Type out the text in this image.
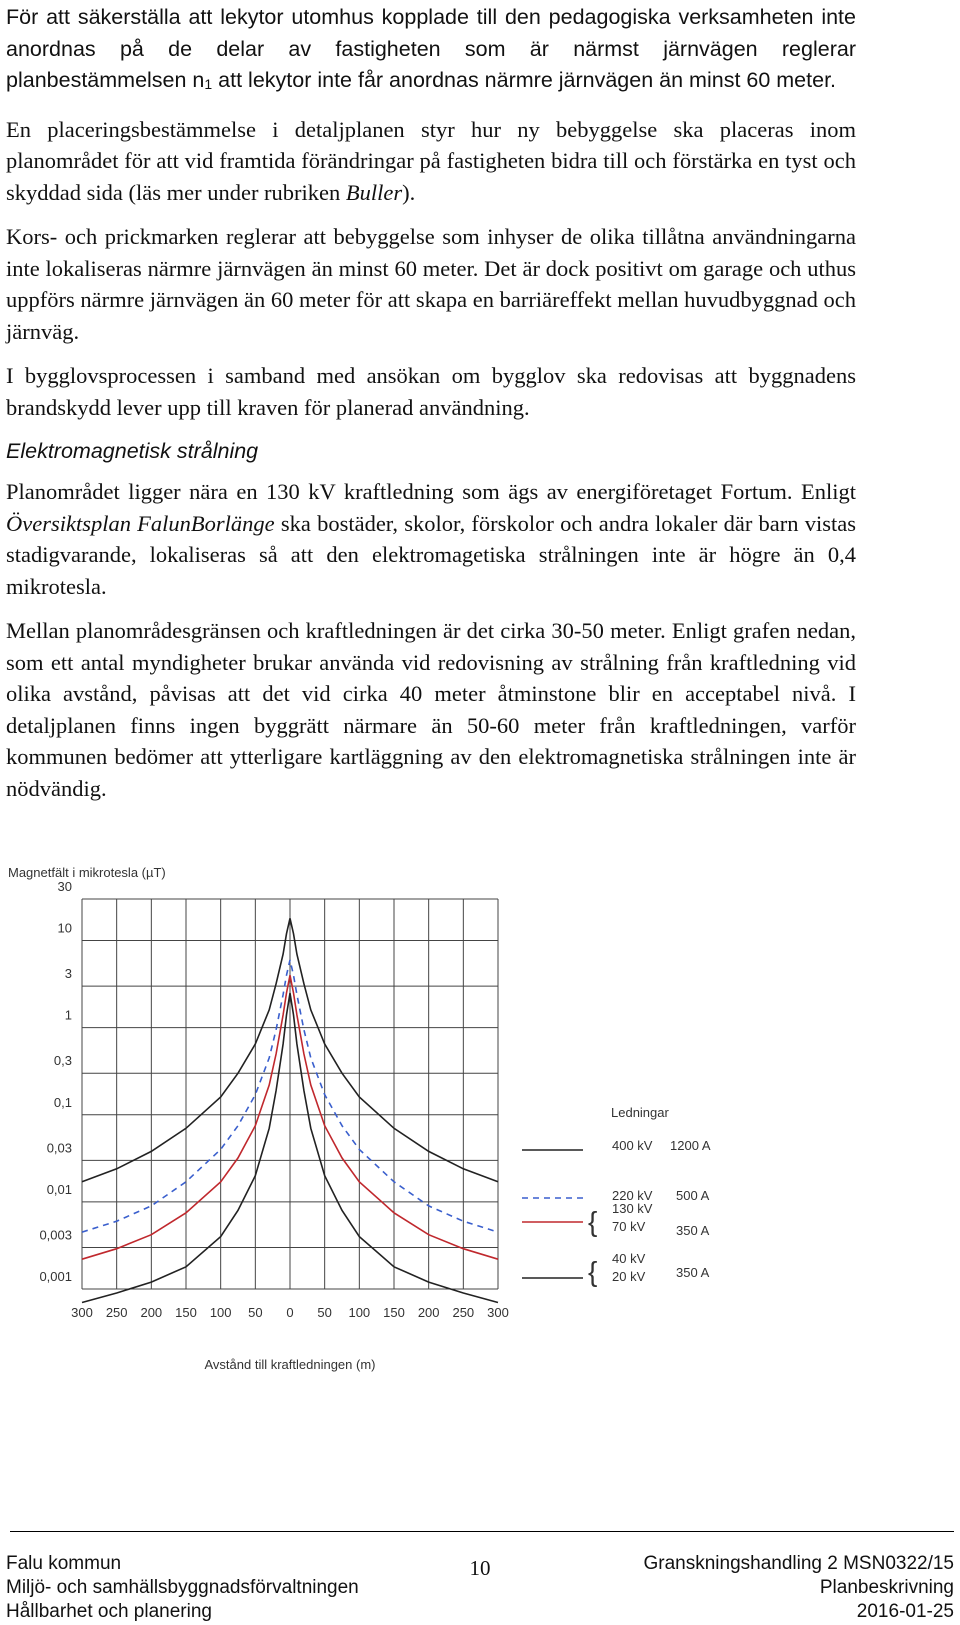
För att säkerställa att lekytor utomhus kopplade till den pedagogiska verksamheten inte anordnas på de delar av fastigheten som är närmst järnvägen reglerar planbestämmelsen $n_1$ att lekytor inte får anordnas närmre järnvägen än minst 60 meter.

En placeringsbestämmelse i detaljplanen styr hur ny bebyggelse ska placeras inom planområdet för att vid framtida förändringar på fastigheten bidra till och förstärka en tyst och skyddad sida (läs mer under rubriken Buller).

Kors- och prickmarken reglerar att bebyggelse som inhyser de olika tillåtna användningarna inte lokaliseras närmre järnvägen än minst 60 meter. Det är dock positivt om garage och uthus uppförs närmre järnvägen än 60 meter för att skapa en barriäreffekt mellan huvudbyggnad och järnväg.

I bygglovsprocessen i samband med ansökan om bygglov ska redovisas att byggnadens brandskydd lever upp till kraven för planerad användning.

Elektromagnetisk strålning

Planområdet ligger nära en 130 kV kraftledning som ägs av energiföretaget Fortum. Enligt Översiktsplan FalunBorlänge ska bostäder, skolor, förskolor och andra lokaler där barn vistas stadigvarande, lokaliseras så att den elektromagetiska strålningen inte är högre än 0,4 mikrotesla.

Mellan planområdesgränsen och kraftledningen är det cirka 30-50 meter. Enligt grafen nedan, som ett antal myndigheter brukar använda vid redovisning av strålning från kraftledning vid olika avstånd, påvisas att det vid cirka 40 meter åtminstone blir en acceptabel nivå. I detaljplanen finns ingen byggrätt närmare än 50-60 meter från kraftledningen, varför kommunen bedömer att ytterligare kartläggning av den elektromagnetiska strålningen inte är nödvändig.

Magnetfält i mikrotesla (µT)
300 250 200 150 100 50 0 50 100 150 200 250 300
30
10
3
1
0,3
0,1
0,03
0,01
0,003
0,001
Avstånd till kraftledningen (m)
Ledningar
400 kV 1200 A
220 kV 500 A
130 kV
70 kV 350 A
{
40 kV
20 kV 350 A
{
Falu kommun
Miljö- och samhällsbyggnadsförvaltningen
Hållbarhet och planering
10	Granskningshandling 2 MSN0322/15
Planbeskrivning
2016-01-25
